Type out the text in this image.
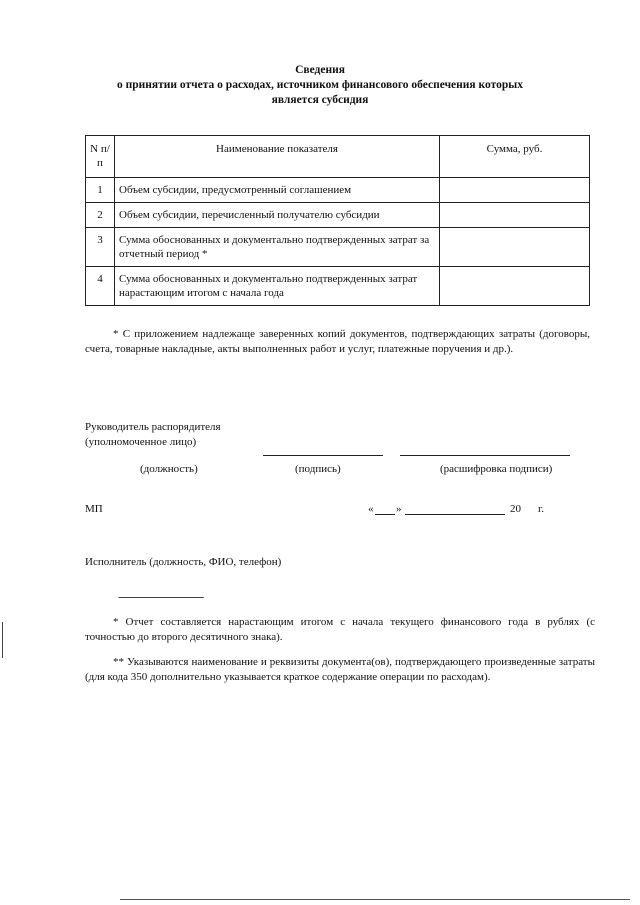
Сведения
о принятии отчета о расходах, источником финансового обеспечения которых
является субсидия
N п/п	Наименование показателя	Сумма, руб.
1	Объем субсидии, предусмотренный соглашением	
2	Объем субсидии, перечисленный получателю субсидии	
3	Сумма обоснованных и документально подтвержденных затрат за отчетный период *	
4	Сумма обоснованных и документально подтвержденных затрат нарастающим итогом с начала года	
* С приложением надлежаще заверенных копий документов, подтверждающих затраты (договоры, счета, товарные накладные, акты выполненных работ и услуг, платежные поручения и др.).
Руководитель распорядителя
(уполномоченное лицо)
(должность)	(подпись)	(расшифровка подписи)
МП	« »	20 г.
Исполнитель (должность, ФИО, телефон)
--------------------------------
* Отчет составляется нарастающим итогом с начала текущего финансового года в рублях (с точностью до второго десятичного знака).
** Указываются наименование и реквизиты документа(ов), подтверждающего произведенные затраты (для кода 350 дополнительно указывается краткое содержание операции по расходам).
